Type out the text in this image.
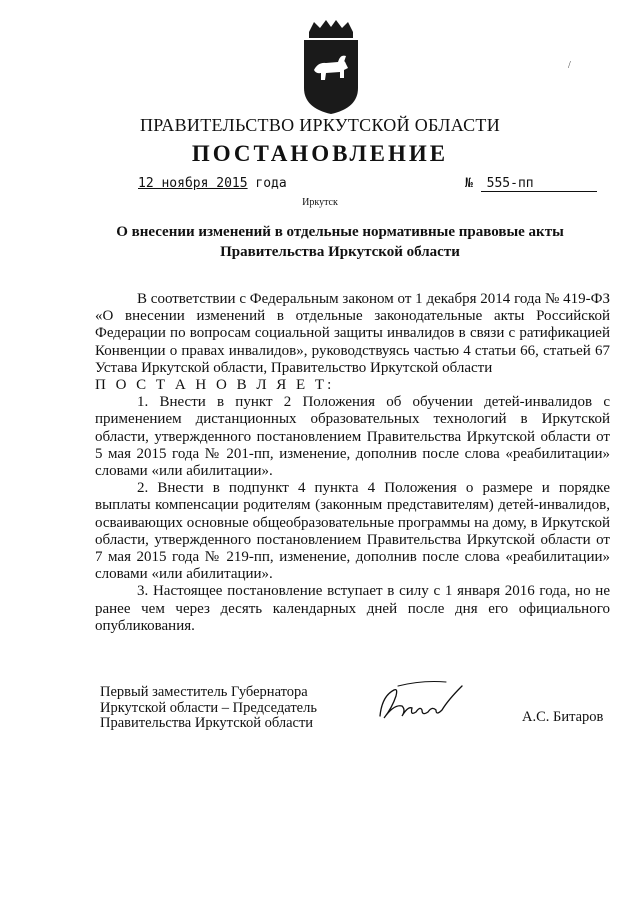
ПРАВИТЕЛЬСТВО ИРКУТСКОЙ ОБЛАСТИ
ПОСТАНОВЛЕНИЕ
12 ноября 2015 года	№ 555-пп
Иркутск
О внесении изменений в отдельные нормативные правовые акты
Правительства Иркутской области

В соответствии с Федеральным законом от 1 декабря 2014 года № 419-ФЗ «О внесении изменений в отдельные законодательные акты Российской Федерации по вопросам социальной защиты инвалидов в связи с ратификацией Конвенции о правах инвалидов», руководствуясь частью 4 статьи 66, статьей 67 Устава Иркутской области, Правительство Иркутской области

П О С Т А Н О В Л Я Е Т:

1. Внести в пункт 2 Положения об обучении детей-инвалидов с применением дистанционных образовательных технологий в Иркутской области, утвержденного постановлением Правительства Иркутской области от 5 мая 2015 года № 201-пп, изменение, дополнив после слова «реабилитации» словами «или абилитации».

2. Внести в подпункт 4 пункта 4 Положения о размере и порядке выплаты компенсации родителям (законным представителям) детей-инвалидов, осваивающих основные общеобразовательные программы на дому, в Иркутской области, утвержденного постановлением Правительства Иркутской области от 7 мая 2015 года № 219-пп, изменение, дополнив после слова «реабилитации» словами «или абилитации».

3. Настоящее постановление вступает в силу с 1 января 2016 года, но не ранее чем через десять календарных дней после дня его официального опубликования.

Первый заместитель Губернатора
Иркутской области – Председатель
Правительства Иркутской области	А.С. Битаров
/
